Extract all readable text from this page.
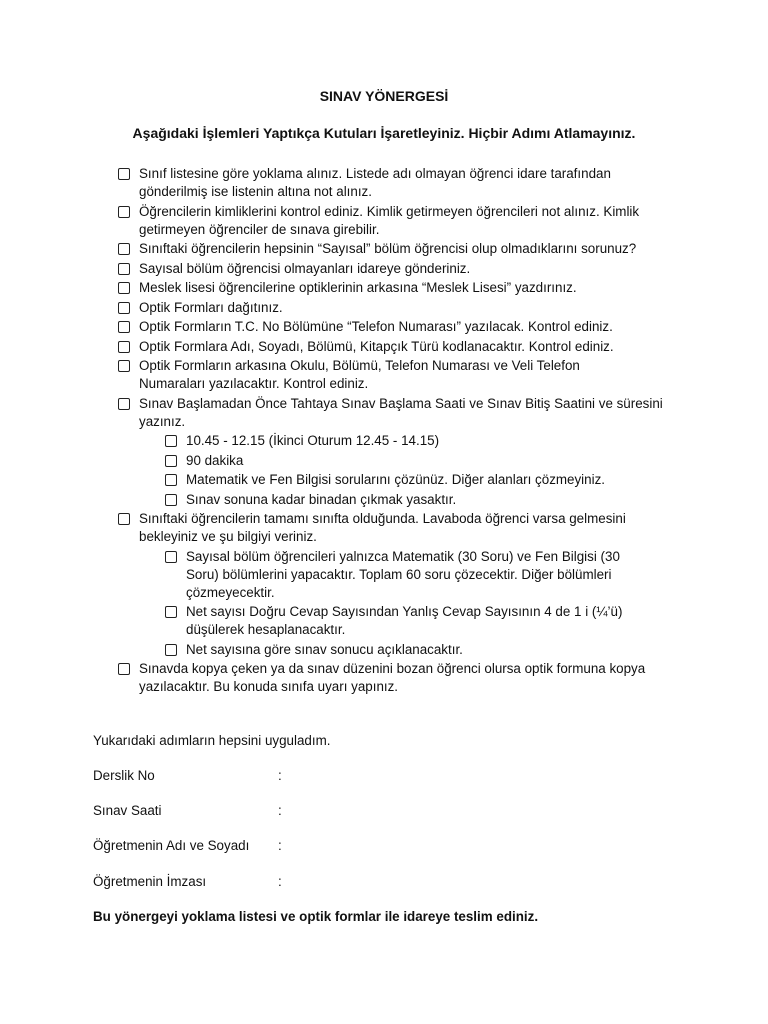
SINAV YÖNERGESİ
Aşağıdaki İşlemleri Yaptıkça Kutuları İşaretleyiniz. Hiçbir Adımı Atlamayınız.
Sınıf listesine göre yoklama alınız. Listede adı olmayan öğrenci idare tarafından gönderilmiş ise listenin altına not alınız.
Öğrencilerin kimliklerini kontrol ediniz. Kimlik getirmeyen öğrencileri not alınız. Kimlik getirmeyen öğrenciler de sınava girebilir.
Sınıftaki öğrencilerin hepsinin “Sayısal” bölüm öğrencisi olup olmadıklarını sorunuz?
Sayısal bölüm öğrencisi olmayanları idareye gönderiniz.
Meslek lisesi öğrencilerine optiklerinin arkasına “Meslek Lisesi” yazdırınız.
Optik Formları dağıtınız.
Optik Formların T.C. No Bölümüne “Telefon Numarası” yazılacak. Kontrol ediniz.
Optik Formlara Adı, Soyadı, Bölümü, Kitapçık Türü kodlanacaktır. Kontrol ediniz.
Optik Formların arkasına Okulu, Bölümü, Telefon Numarası ve Veli Telefon Numaraları yazılacaktır. Kontrol ediniz.
Sınav Başlamadan Önce Tahtaya Sınav Başlama Saati ve Sınav Bitiş Saatini ve süresini yazınız.
10.45 - 12.15 (İkinci Oturum 12.45 - 14.15)
90 dakika
Matematik ve Fen Bilgisi sorularını çözünüz. Diğer alanları çözmeyiniz.
Sınav sonuna kadar binadan çıkmak yasaktır.
Sınıftaki öğrencilerin tamamı sınıfta olduğunda. Lavaboda öğrenci varsa gelmesini bekleyiniz ve şu bilgiyi veriniz.
Sayısal bölüm öğrencileri yalnızca Matematik (30 Soru) ve Fen Bilgisi (30 Soru) bölümlerini yapacaktır. Toplam 60 soru çözecektir. Diğer bölümleri çözmeyecektir.
Net sayısı Doğru Cevap Sayısından Yanlış Cevap Sayısının 4 de 1 i (¼’ü) düşülerek hesaplanacaktır.
Net sayısına göre sınav sonucu açıklanacaktır.
Sınavda kopya çeken ya da sınav düzenini bozan öğrenci olursa optik formuna kopya yazılacaktır. Bu konuda sınıfa uyarı yapınız.
Yukarıdaki adımların hepsini uyguladım.
Derslik No	:
Sınav Saati	:
Öğretmenin Adı ve Soyadı :
Öğretmenin İmzası	:
Bu yönergeyi yoklama listesi ve optik formlar ile idareye teslim ediniz.
